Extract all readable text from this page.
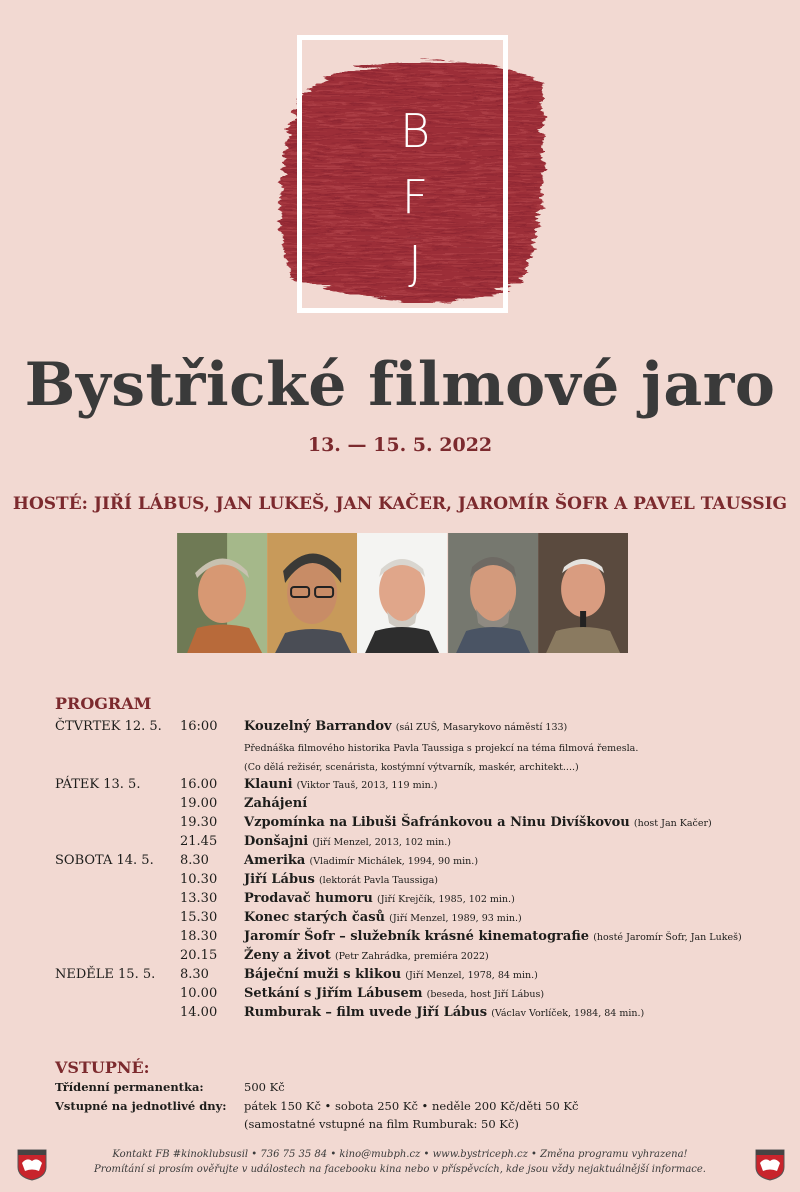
B
F
J
Bystřické filmové jaro
13. — 15. 5. 2022
HOSTÉ: JIŘÍ LÁBUS, JAN LUKEŠ, JAN KAČER, JAROMÍR ŠOFR A PAVEL TAUSSIG
PROGRAM
ČTVRTEK 12. 5. 16:00 Kouzelný Barrandov (sál ZUŠ, Masarykovo náměstí 133)
Přednáška filmového historika Pavla Taussiga s projekcí na téma filmová řemesla.
(Co dělá režisér, scenárista, kostýmní výtvarník, maskér, architekt....)
PÁTEK 13. 5.	16.00 Klauni (Viktor Tauš, 2013, 119 min.)
19.00 Zahájení
19.30 Vzpomínka na Libuši Šafránkovou a Ninu Divíškovou (host Jan Kačer)
21.45 Donšajni (Jiří Menzel, 2013, 102 min.)
SOBOTA 14. 5. 8.30	Amerika (Vladimír Michálek, 1994, 90 min.)
10.30 Jiří Lábus (lektorát Pavla Taussiga)
13.30 Prodavač humoru (Jiří Krejčík, 1985, 102 min.)
15.30 Konec starých časů (Jiří Menzel, 1989, 93 min.)
18.30 Jaromír Šofr – služebník krásné kinematografie (hosté Jaromír Šofr, Jan Lukeš)
20.15 Ženy a život (Petr Zahrádka, premiéra 2022)
NEDĚLE 15. 5. 8.30	Báječní muži s klikou (Jiří Menzel, 1978, 84 min.)
10.00 Setkání s Jiřím Lábusem (beseda, host Jiří Lábus)
14.00 Rumburak – film uvede Jiří Lábus (Václav Vorlíček, 1984, 84 min.)
VSTUPNÉ:
Třídenní permanentka:	500 Kč
Vstupné na jednotlivé dny: pátek 150 Kč • sobota 250 Kč • neděle 200 Kč/děti 50 Kč
(samostatné vstupné na film Rumburak: 50 Kč)
Kontakt FB #kinoklubsusil • 736 75 35 84 • kino@mubph.cz • www.bystriceph.cz • Změna programu vyhrazena!
Promítání si prosím ověřujte v událostech na facebooku kina nebo v příspěvcích, kde jsou vždy nejaktuálnější informace.
